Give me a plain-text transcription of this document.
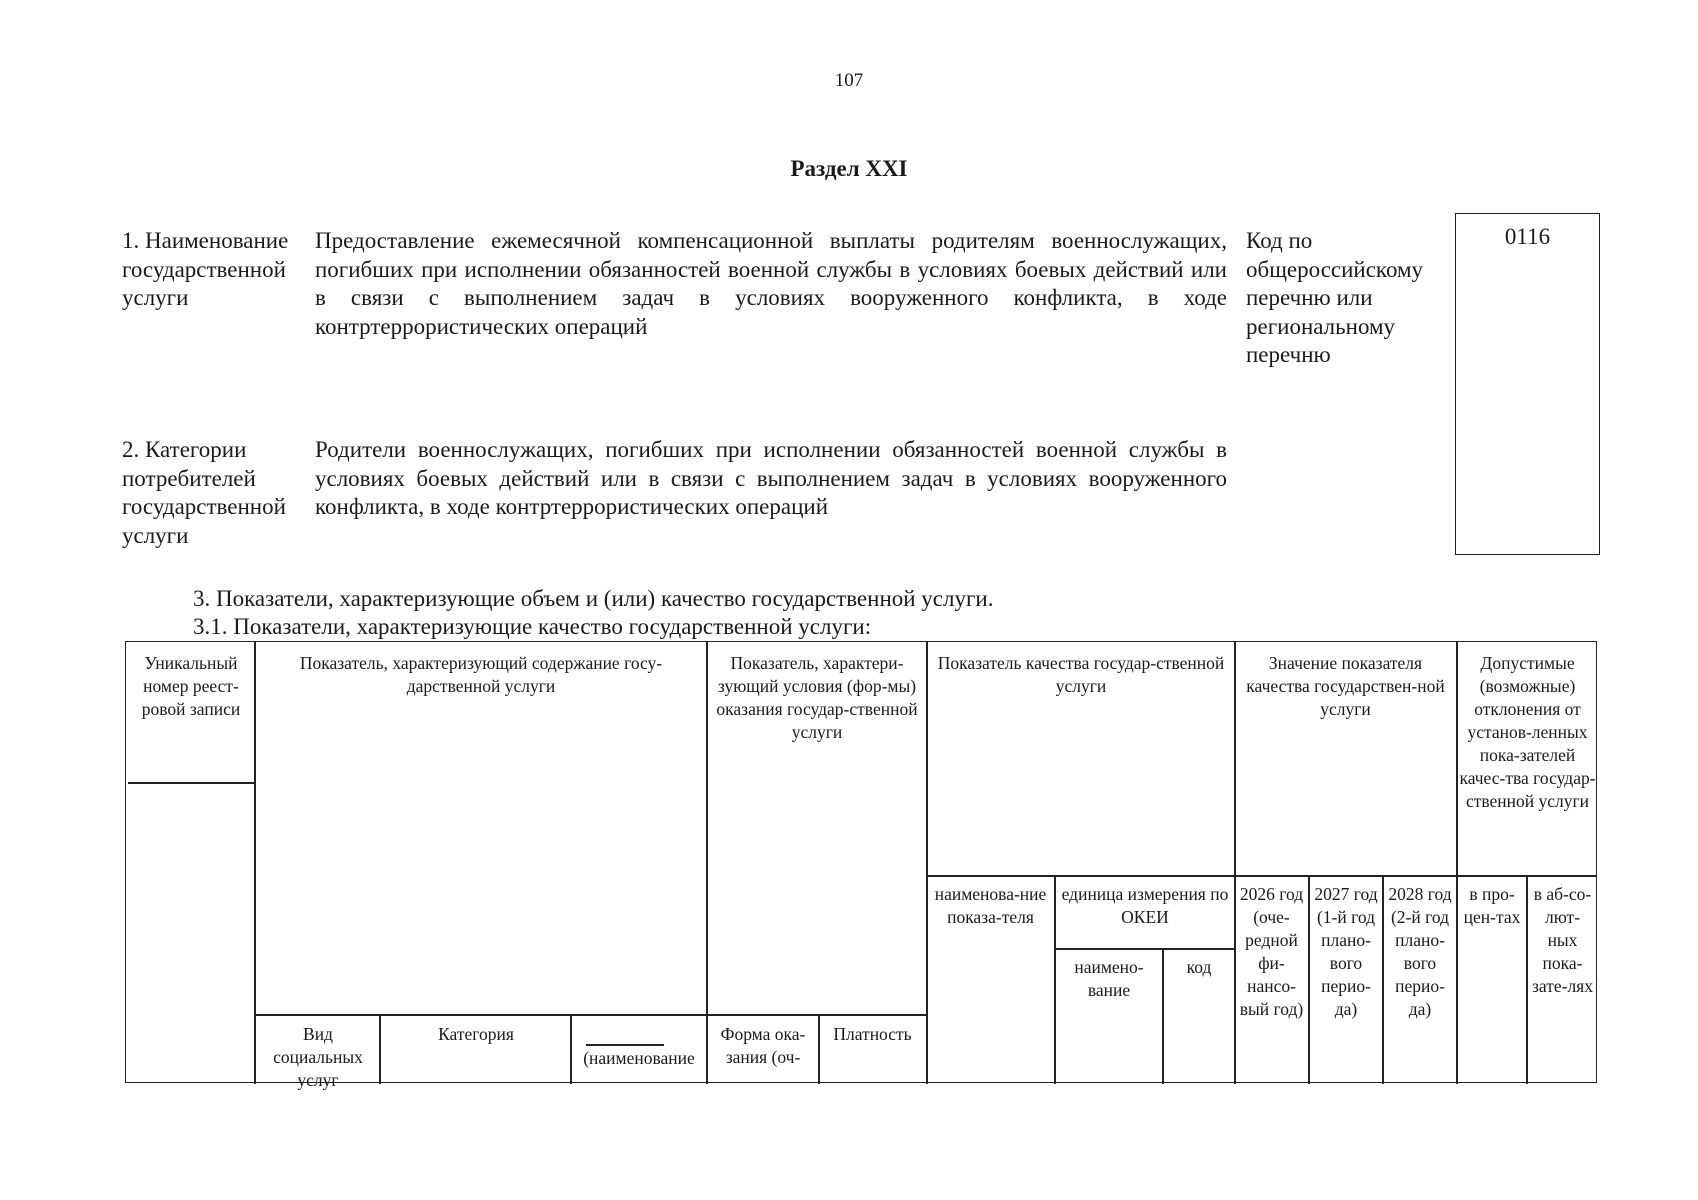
107
Раздел XXI
1. Наименование
государственной
услуги
Предоставление ежемесячной компенсационной выплаты родителям военнослужащих, погибших при исполнении обязанностей военной службы в условиях боевых действий или в связи с выполнением задач в условиях вооруженного конфликта, в ходе контртеррористических операций
Код по
общероссийскому
перечню или
региональному
перечню
0116
2. Категории
потребителей
государственной
услуги
Родители военнослужащих, погибших при исполнении обязанностей военной службы в условиях боевых действий или в связи с выполнением задач в условиях вооруженного конфликта, в ходе контртеррористических операций
3. Показатели, характеризующие объем и (или) качество государственной услуги.
3.1. Показатели, характеризующие качество государственной услуги:
Уникальный номер реест-ровой записи
Показатель, характеризующий содержание госу-дарственной услуги
Показатель, характери-зующий условия (фор-мы) оказания государ-ственной услуги
Показатель качества государ-ственной услуги
Значение показателя качества государствен-ной услуги
Допустимые (возможные) отклонения от установ-ленных пока-зателей качес-тва государ-ственной услуги
Вид социальных услуг
Категория
(наименование
Форма ока-зания (оч-
Платность
наименова-ние показа-теля
единица измерения по ОКЕИ
наимено-вание
код
2026 год (оче-редной фи-нансо-вый год)
2027 год (1-й год плано-вого перио-да)
2028 год (2-й год плано-вого перио-да)
в про-цен-тах
в аб-со-лют-ных пока-зате-лях
